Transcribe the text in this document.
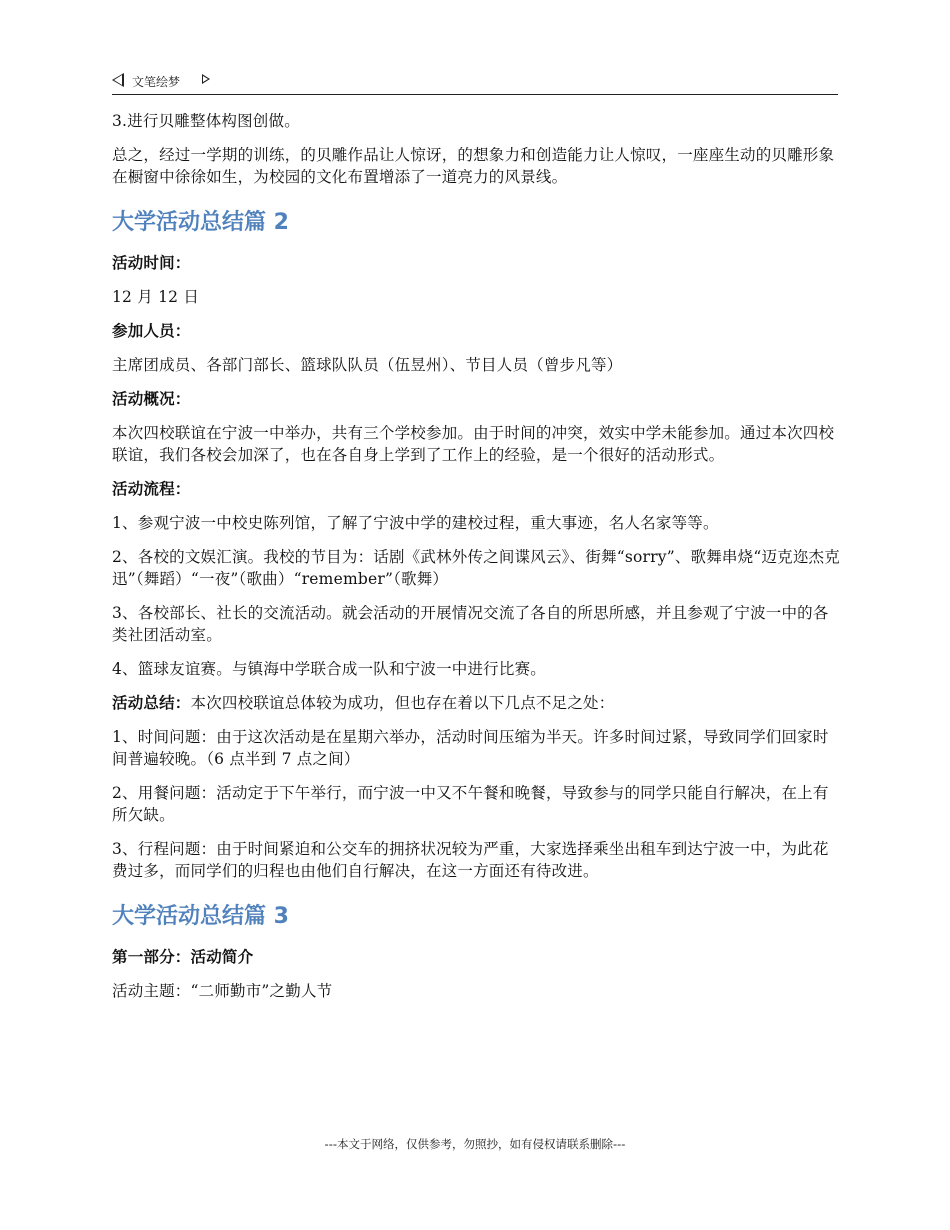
文笔绘梦

3.进行贝雕整体构图创做。

总之，经过一学期的训练，的贝雕作品让人惊讶，的想象力和创造能力让人惊叹，一座座生动的贝雕形象在橱窗中徐徐如生，为校园的文化布置增添了一道亮力的风景线。

大学活动总结篇 2

活动时间：

12 月 12 日

参加人员：

主席团成员、各部门部长、篮球队队员（伍昱州）、节目人员（曾步凡等）

活动概况：

本次四校联谊在宁波一中举办，共有三个学校参加。由于时间的冲突，效实中学未能参加。通过本次四校联谊，我们各校会加深了，也在各自身上学到了工作上的经验，是一个很好的活动形式。

活动流程：

1、参观宁波一中校史陈列馆，了解了宁波中学的建校过程，重大事迹，名人名家等等。

2、各校的文娱汇演。我校的节目为：话剧《武林外传之间谍风云》、街舞“sorry”、歌舞串烧“迈克迩杰克迅”（舞蹈）“一夜”（歌曲）“remember”（歌舞）

3、各校部长、社长的交流活动。就会活动的开展情况交流了各自的所思所感，并且参观了宁波一中的各类社团活动室。

4、篮球友谊赛。与镇海中学联合成一队和宁波一中进行比赛。

活动总结：本次四校联谊总体较为成功，但也存在着以下几点不足之处：

1、时间问题：由于这次活动是在星期六举办，活动时间压缩为半天。许多时间过紧，导致同学们回家时间普遍较晚。（6 点半到 7 点之间）

2、用餐问题：活动定于下午举行，而宁波一中又不午餐和晚餐，导致参与的同学只能自行解决，在上有所欠缺。

3、行程问题：由于时间紧迫和公交车的拥挤状况较为严重，大家选择乘坐出租车到达宁波一中，为此花费过多，而同学们的归程也由他们自行解决，在这一方面还有待改进。

大学活动总结篇 3

第一部分：活动简介

活动主题：“二师勤市”之勤人节

---本文于网络，仅供参考，勿照抄，如有侵权请联系删除---
